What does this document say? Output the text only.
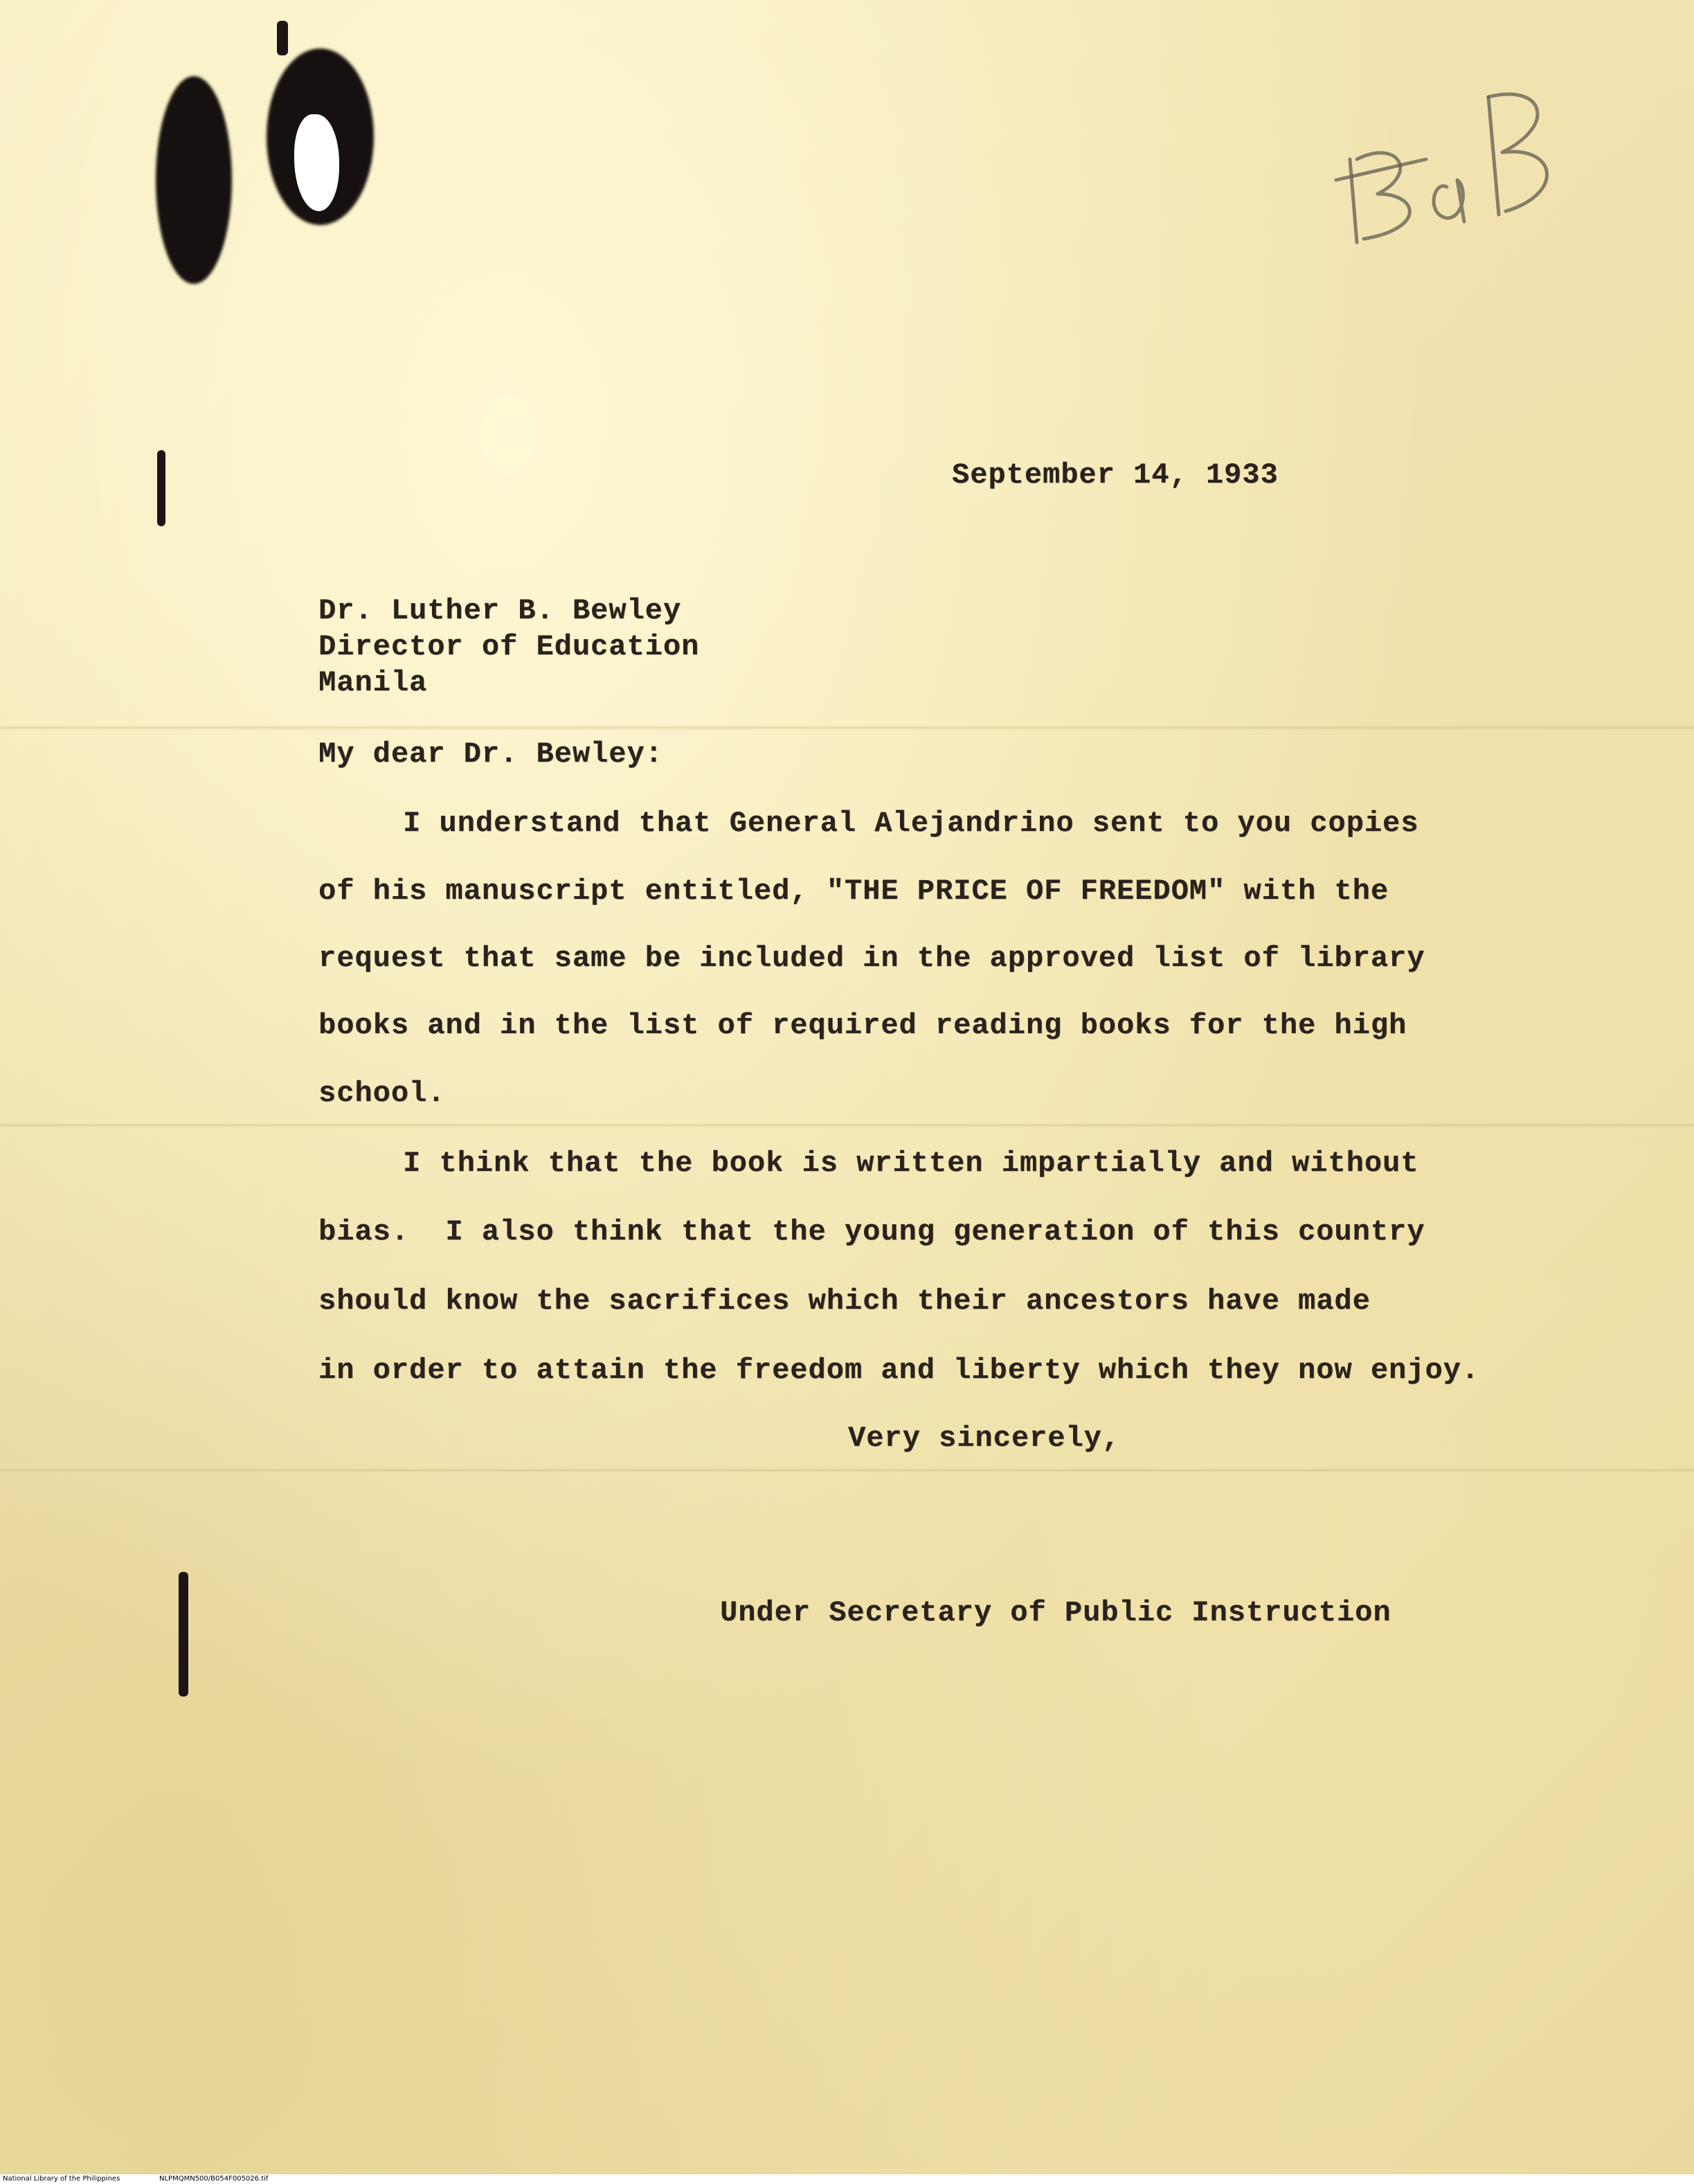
September 14, 1933

Dr. Luther B. Bewley

Director of Education

Manila

My dear Dr. Bewley:

I understand that General Alejandrino sent to you copies

of his manuscript entitled, "THE PRICE OF FREEDOM" with the

request that same be included in the approved list of library

books and in the list of required reading books for the high

school.

I think that the book is written impartially and without

bias.  I also think that the young generation of this country

should know the sacrifices which their ancestors have made

in order to attain the freedom and liberty which they now enjoy.

Very sincerely,

Under Secretary of Public Instruction

National Library of the Philippines	NLPMQMN500/B054F005026.tif
